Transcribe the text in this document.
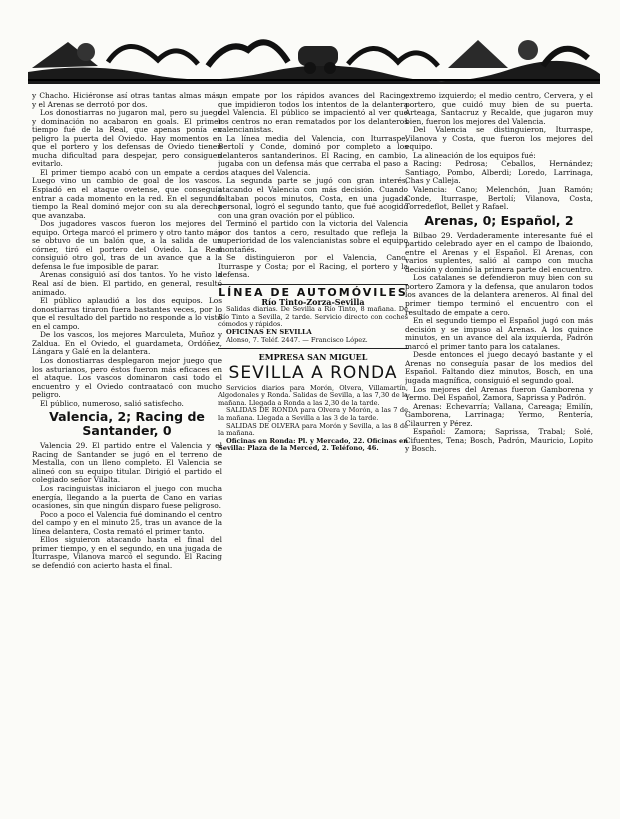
y Chacho. Hiciéronse así otras tantas almas más, y el Arenas se derrotó por dos.

Los donostiarras no jugaron mal, pero su juego y dominación no acabaron en goals. El primer tiempo fué de la Real, que apenas ponía en peligro la puerta del Oviedo. Hay momentos en que el portero y los defensas de Oviedo tienen mucha dificultad para despejar, pero consiguen evitarlo.

El primer tiempo acabó con un empate a cero. Luego vino un cambio de goal de los vascos. Espiadó en el ataque ovetense, que conseguía entrar a cada momento en la red. En el segundo tiempo la Real dominó mejor con su ala derecha que avanzaba.

Dos jugadores vascos fueron los mejores del equipo. Ortega marcó el primero y otro tanto más se obtuvo de un balón que, a la salida de un córner, tiró el portero del Oviedo. La Real consiguió otro gol, tras de un avance que a la defensa le fue imposible de parar.

Arenas consiguió así dos tantos. Yo he visto la Real así de bien. El partido, en general, resultó animado.

El público aplaudió a los dos equipos. Los donostiarras tiraron fuera bastantes veces, por lo que el resultado del partido no responde a lo visto en el campo.

De los vascos, los mejores Marculeta, Muñoz y Zaldua. En el Oviedo, el guardameta, Ordóñez, Lángara y Galé en la delantera.

Los donostiarras desplegaron mejor juego que los asturianos, pero éstos fueron más eficaces en el ataque. Los vascos dominaron casi todo el encuentro y el Oviedo contraatacó con mucho peligro.

El público, numeroso, salió satisfecho.

Valencia, 2; Racing de Santander, 0

Valencia 29. El partido entre el Valencia y el Racing de Santander se jugó en el terreno de Mestalla, con un lleno completo. El Valencia se alineó con su equipo titular. Dirigió el partido el colegiado señor Vilalta.

Los racinguistas iniciaron el juego con mucha energía, llegando a la puerta de Cano en varias ocasiones, sin que ningún disparo fuese peligroso.

Poco a poco el Valencia fué dominando el centro del campo y en el minuto 25, tras un avance de la línea delantera, Costa remató el primer tanto.

Ellos siguieron atacando hasta el final del primer tiempo, y en el segundo, en una jugada de Iturraspe, Vilanova marcó el segundo. El Racing se defendió con acierto hasta el final.

un empate por los rápidos avances del Racing, que impidieron todos los intentos de la delantera del Valencia. El público se impacientó al ver que los centros no eran rematados por los delanteros valencianistas.

La línea media del Valencia, con Iturraspe, Bertolí y Conde, dominó por completo a los delanteros santanderinos. El Racing, en cambio, jugaba con un defensa más que cerraba el paso a los ataques del Valencia.

La segunda parte se jugó con gran interés, atacando el Valencia con más decisión. Cuando faltaban pocos minutos, Costa, en una jugada personal, logró el segundo tanto, que fué acogido con una gran ovación por el público.

Terminó el partido con la victoria del Valencia por dos tantos a cero, resultado que refleja la superioridad de los valencianistas sobre el equipo montañés.

Se distinguieron por el Valencia, Cano, Iturraspe y Costa; por el Racing, el portero y la defensa.

LÍNEA DE AUTOMÓVILES
Río Tinto-Zorza-Sevilla

Salidas diarias. De Sevilla a Río Tinto, 8 mañana. De Río Tinto a Sevilla, 2 tarde. Servicio directo con coches cómodos y rápidos.

OFICINAS EN SEVILLA

Alonso, 7. Teléf. 2447. — Francisco López.

EMPRESA SAN MIGUEL
SEVILLA A RONDA

Servicios diarios para Morón, Olvera, Villamartín, Algodonales y Ronda. Salidas de Sevilla, a las 7,30 de la mañana. Llegada a Ronda a las 2,30 de la tarde.

SALIDAS DE RONDA para Olvera y Morón, a las 7 de la mañana. Llegada a Sevilla a las 3 de la tarde.

SALIDAS DE OLVERA para Morón y Sevilla, a las 8 de la mañana.

Oficinas en Ronda: Pl. y Mercado, 22. Oficinas en Sevilla: Plaza de la Merced, 2. Teléfono, 46.

extremo izquierdo; el medio centro, Cervera, y el portero, que cuidó muy bien de su puerta. Arteaga, Santacruz y Recalde, que jugaron muy bien, fueron los mejores del Valencia.

Del Valencia se distinguieron, Iturraspe, Vilanova y Costa, que fueron los mejores del equipo.

La alineación de los equipos fué:

Racing: Pedrosa; Ceballos, Hernández; Santiago, Pombo, Alberdi; Loredo, Larrinaga, Chas y Calleja.

Valencia: Cano; Melenchón, Juan Ramón; Conde, Iturraspe, Bertolí; Vilanova, Costa, Torredeflot, Bellet y Rafael.

Arenas, 0; Español, 2

Bilbao 29. Verdaderamente interesante fué el partido celebrado ayer en el campo de Ibaiondo, entre el Arenas y el Español. El Arenas, con varios suplentes, salió al campo con mucha decisión y dominó la primera parte del encuentro.

Los catalanes se defendieron muy bien con su portero Zamora y la defensa, que anularon todos los avances de la delantera areneros. Al final del primer tiempo terminó el encuentro con el resultado de empate a cero.

En el segundo tiempo el Español jugó con más decisión y se impuso al Arenas. A los quince minutos, en un avance del ala izquierda, Padrón marcó el primer tanto para los catalanes.

Desde entonces el juego decayó bastante y el Arenas no conseguía pasar de los medios del Español. Faltando diez minutos, Bosch, en una jugada magnífica, consiguió el segundo goal.

Los mejores del Arenas fueron Gamborena y Yermo. Del Español, Zamora, Saprissa y Padrón.

Arenas: Echevarría; Vallana, Careaga; Emilín, Gamborena, Larrinaga; Yermo, Rentería, Cilaurren y Pérez.

Español: Zamora; Saprissa, Trabal; Solé, Cifuentes, Tena; Bosch, Padrón, Mauricio, Lopito y Bosch.
